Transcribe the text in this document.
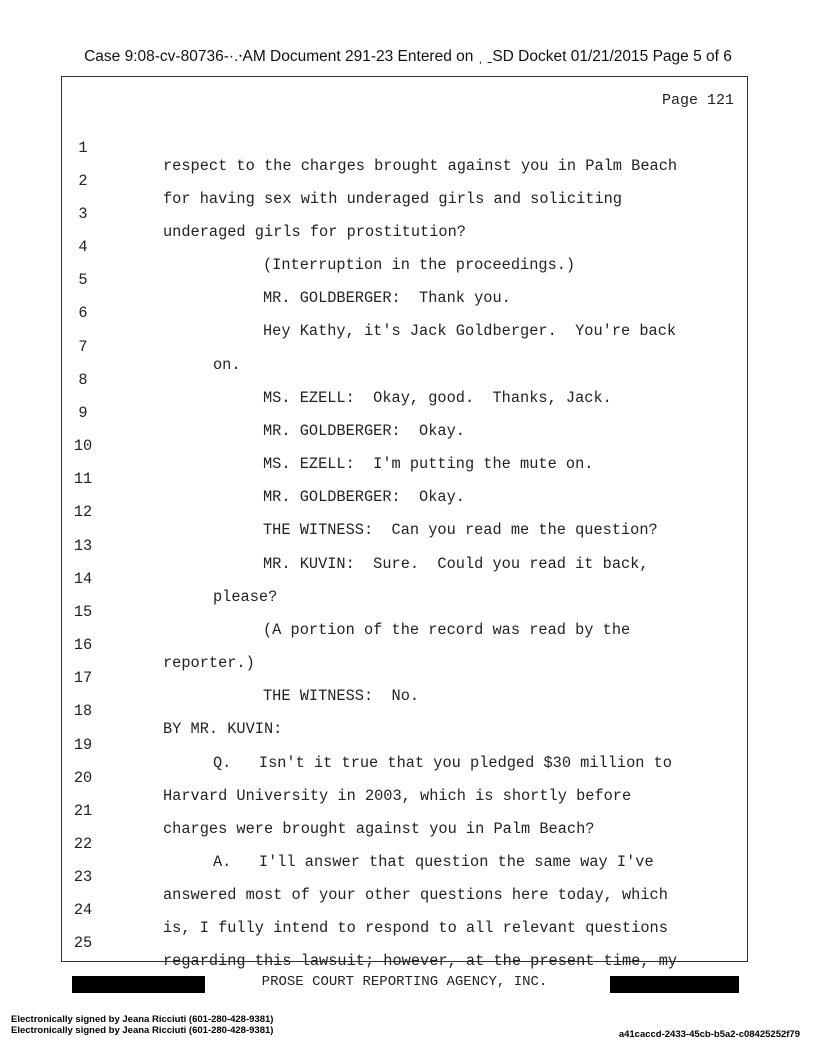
Case 9:08-cv-80736-·.⸱AM Document 291-23 Entered on ˌ ˍSD Docket 01/21/2015 Page 5 of 6
Page 121

1

respect to the charges brought against you in Palm Beach

2

for having sex with underaged girls and soliciting

3

underaged girls for prostitution?

4

(Interruption in the proceedings.)

5

MR. GOLDBERGER:  Thank you.

6

Hey Kathy, it's Jack Goldberger.  You're back

7

on.

8

MS. EZELL:  Okay, good.  Thanks, Jack.

9

MR. GOLDBERGER:  Okay.

10

MS. EZELL:  I'm putting the mute on.

11

MR. GOLDBERGER:  Okay.

12

THE WITNESS:  Can you read me the question?

13

MR. KUVIN:  Sure.  Could you read it back,

14

please?

15

(A portion of the record was read by the

16

reporter.)

17

THE WITNESS:  No.

18

BY MR. KUVIN:

19

Q.   Isn't it true that you pledged $30 million to

20

Harvard University in 2003, which is shortly before

21

charges were brought against you in Palm Beach?

22

A.   I'll answer that question the same way I've

23

answered most of your other questions here today, which

24

is, I fully intend to respond to all relevant questions

25

regarding this lawsuit; however, at the present time, my

PROSE COURT REPORTING AGENCY, INC.
Electronically signed by Jeana Ricciuti (601-280-428-9381)
Electronically signed by Jeana Ricciuti (601-280-428-9381)	a41caccd-2433-45cb-b5a2-c08425252f79
